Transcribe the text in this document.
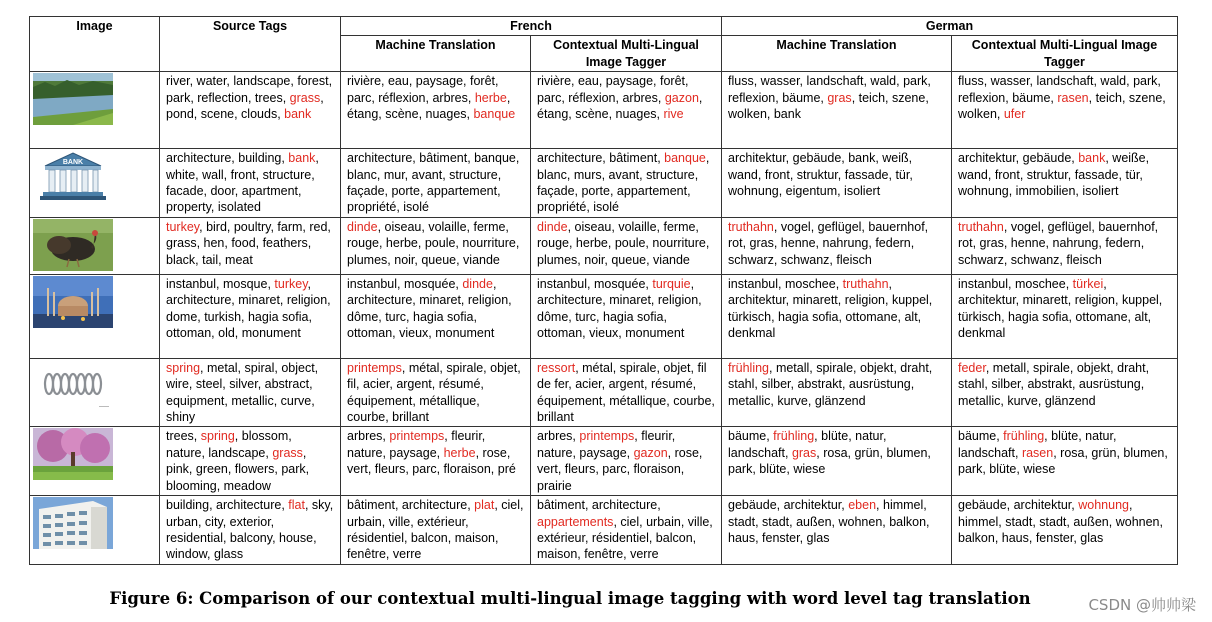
Image	Source Tags	French		German	
		Machine Translation	Contextual Multi-Lingual Image Tagger	Machine Translation	Contextual Multi-Lingual Image Tagger

	river, water, landscape, forest, park, reflection, trees, grass, pond, scene, clouds, bank	rivière, eau, paysage, forêt, parc, réflexion, arbres, herbe, étang, scène, nuages, banque	rivière, eau, paysage, forêt, parc, réflexion, arbres, gazon, étang, scène, nuages, rive	fluss, wasser, landschaft, wald, park, reflexion, bäume, gras, teich, szene, wolken, bank	fluss, wasser, landschaft, wald, park, reflexion, bäume, rasen, teich, szene, wolken, ufer

BANK	architecture, building, bank, white, wall, front, structure, facade, door, apartment, property, isolated	architecture, bâtiment, banque, blanc, mur, avant, structure, façade, porte, appartement, propriété, isolé	architecture, bâtiment, banque, blanc, murs, avant, structure, façade, porte, appartement, propriété, isolé	architektur, gebäude, bank, weiß, wand, front, struktur, fassade, tür, wohnung, eigentum, isoliert	architektur, gebäude, bank, weiße, wand, front, struktur, fassade, tür, wohnung, immobilien, isoliert

	turkey, bird, poultry, farm, red, grass, hen, food, feathers, black, tail, meat	dinde, oiseau, volaille, ferme, rouge, herbe, poule, nourriture, plumes, noir, queue, viande	dinde, oiseau, volaille, ferme, rouge, herbe, poule, nourriture, plumes, noir, queue, viande	truthahn, vogel, geflügel, bauernhof, rot, gras, henne, nahrung, federn, schwarz, schwanz, fleisch	truthahn, vogel, geflügel, bauernhof, rot, gras, henne, nahrung, federn, schwarz, schwanz, fleisch

	instanbul, mosque, turkey, architecture, minaret, religion, dome, turkish, hagia sofia, ottoman, old, monument	instanbul, mosquée, dinde, architecture, minaret, religion, dôme, turc, hagia sofia, ottoman, vieux, monument	instanbul, mosquée, turquie, architecture, minaret, religion, dôme, turc, hagia sofia, ottoman, vieux, monument	instanbul, moschee, truthahn, architektur, minarett, religion, kuppel, türkisch, hagia sofia, ottomane, alt, denkmal	instanbul, moschee, türkei, architektur, minarett, religion, kuppel, türkisch, hagia sofia, ottomane, alt, denkmal

	spring, metal, spiral, object, wire, steel, silver, abstract, equipment, metallic, curve, shiny	printemps, métal, spirale, objet, fil, acier, argent, résumé, équipement, métallique, courbe, brillant	ressort, métal, spirale, objet, fil de fer, acier, argent, résumé, équipement, métallique, courbe, brillant	frühling, metall, spirale, objekt, draht, stahl, silber, abstrakt, ausrüstung, metallic, kurve, glänzend	feder, metall, spirale, objekt, draht, stahl, silber, abstrakt, ausrüstung, metallic, kurve, glänzend

	trees, spring, blossom, nature, landscape, grass, pink, green, flowers, park, blooming, meadow	arbres, printemps, fleurir, nature, paysage, herbe, rose, vert, fleurs, parc, floraison, pré	arbres, printemps, fleurir, nature, paysage, gazon, rose, vert, fleurs, parc, floraison, prairie	bäume, frühling, blüte, natur, landschaft, gras, rosa, grün, blumen, park, blüte, wiese	bäume, frühling, blüte, natur, landschaft, rasen, rosa, grün, blumen, park, blüte, wiese

	building, architecture, flat, sky, urban, city, exterior, residential, balcony, house, window, glass	bâtiment, architecture, plat, ciel, urbain, ville, extérieur, résidentiel, balcon, maison, fenêtre, verre	bâtiment, architecture, appartements, ciel, urbain, ville, extérieur, résidentiel, balcon, maison, fenêtre, verre	gebäude, architektur, eben, himmel, stadt, stadt, außen, wohnen, balkon, haus, fenster, glas	gebäude, architektur, wohnung, himmel, stadt, stadt, außen, wohnen, balkon, haus, fenster, glas
Figure 6: Comparison of our contextual multi-lingual image tagging with word level tag translation	CSDN @帅帅梁
